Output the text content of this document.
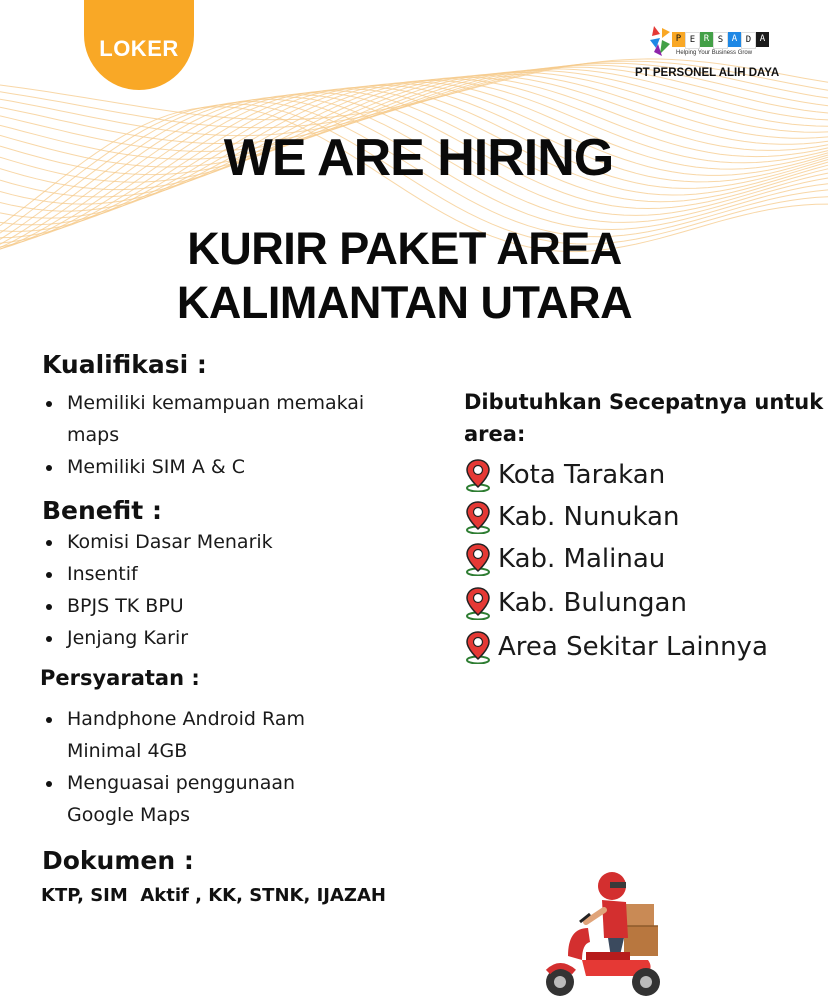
LOKER	P E R S A D A
Helping Your Business Grow
PT PERSONEL ALIH DAYA
WE ARE HIRING
KURIR PAKET AREA
KALIMANTAN UTARA
Kualifikasi :
Memiliki kemampuan memakai maps
Memiliki SIM A & C
Benefit :
Komisi Dasar Menarik
Insentif
BPJS TK BPU
Jenjang Karir
Persyaratan :
Handphone Android Ram Minimal 4GB
Menguasai penggunaan Google Maps
Dokumen :
KTP, SIM  Aktif , KK, STNK, IJAZAH
Dibutuhkan Secepatnya untuk area:
Kota Tarakan
Kab. Nunukan
Kab. Malinau
Kab. Bulungan
Area Sekitar Lainnya
